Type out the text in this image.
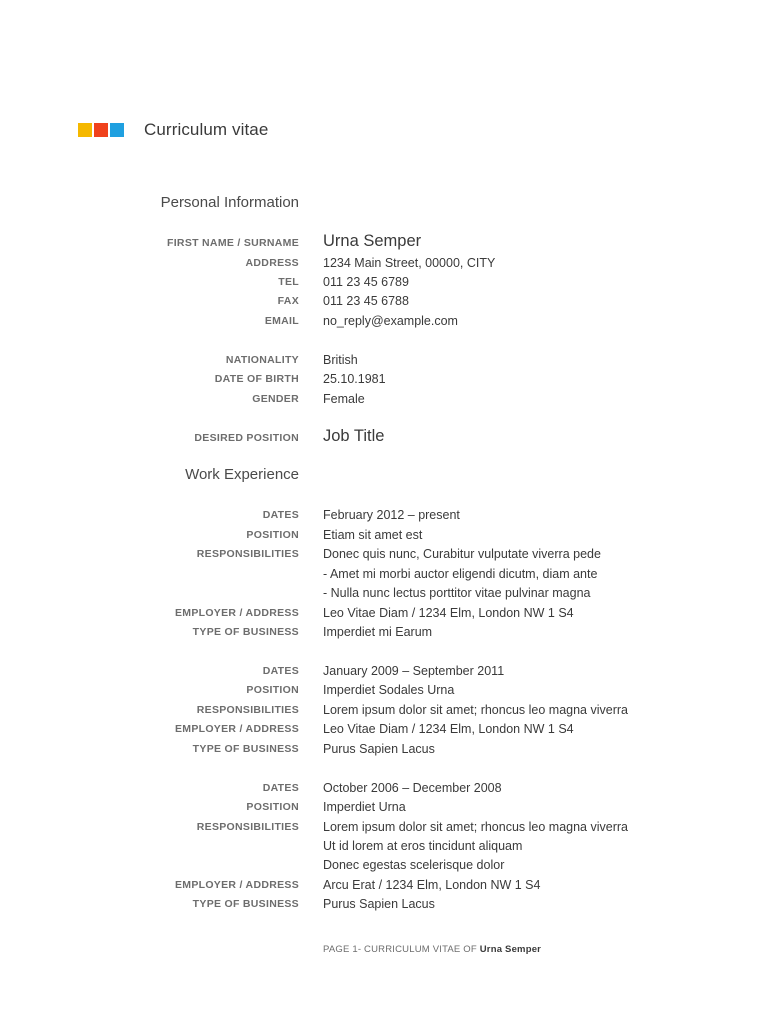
Curriculum vitae
Personal Information
FIRST NAME / SURNAME Urna Semper
ADDRESS 1234 Main Street, 00000, CITY
TEL 011 23 45 6789
FAX 011 23 45 6788
EMAIL no_reply@example.com
NATIONALITY British
DATE OF BIRTH 25.10.1981
GENDER Female
DESIRED POSITION Job Title
Work Experience
DATES February 2012 – present
POSITION Etiam sit amet est
RESPONSIBILITIES Donec quis nunc, Curabitur vulputate viverra pede
- Amet mi morbi auctor eligendi dicutm, diam ante
- Nulla nunc lectus porttitor vitae pulvinar magna
EMPLOYER / ADDRESS Leo Vitae Diam / 1234 Elm, London NW 1 S4
TYPE OF BUSINESS Imperdiet mi Earum
DATES January 2009 – September 2011
POSITION Imperdiet Sodales Urna
RESPONSIBILITIES Lorem ipsum dolor sit amet; rhoncus leo magna viverra
EMPLOYER / ADDRESS Leo Vitae Diam / 1234 Elm, London NW 1 S4
TYPE OF BUSINESS Purus Sapien Lacus
DATES October 2006 – December 2008
POSITION Imperdiet Urna
RESPONSIBILITIES Lorem ipsum dolor sit amet; rhoncus leo magna viverra
Ut id lorem at eros tincidunt aliquam
Donec egestas scelerisque dolor
EMPLOYER / ADDRESS Arcu Erat / 1234 Elm, London NW 1 S4
TYPE OF BUSINESS Purus Sapien Lacus
PAGE 1- CURRICULUM VITAE OF Urna Semper
